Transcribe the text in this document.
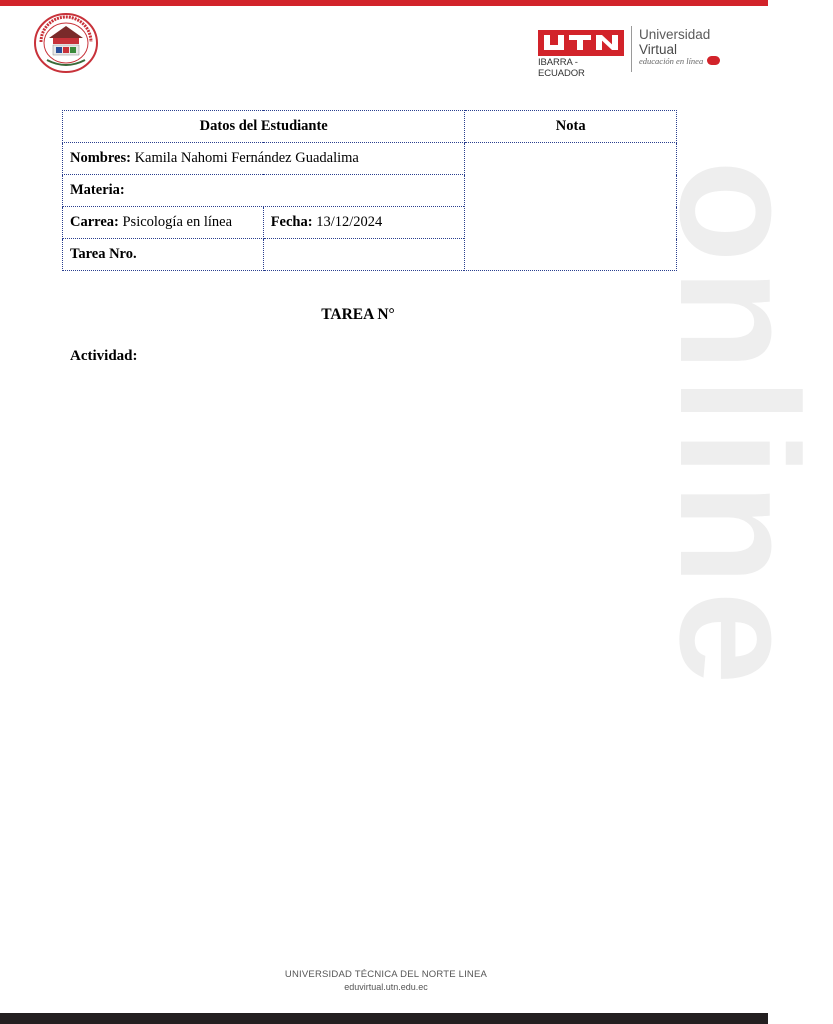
IBARRA - ECUADOR
Universidad
Virtual
educación en línea
online
Datos del Estudiante		Nota
Nombres: Kamila Nahomi Fernández Guadalima		
Materia:		
Carrea: Psicología en línea	Fecha: 13/12/2024	
Tarea Nro.		
TAREA N°
Actividad:
UNIVERSIDAD TÉCNICA DEL NORTE LINEA
eduvirtual.utn.edu.ec
